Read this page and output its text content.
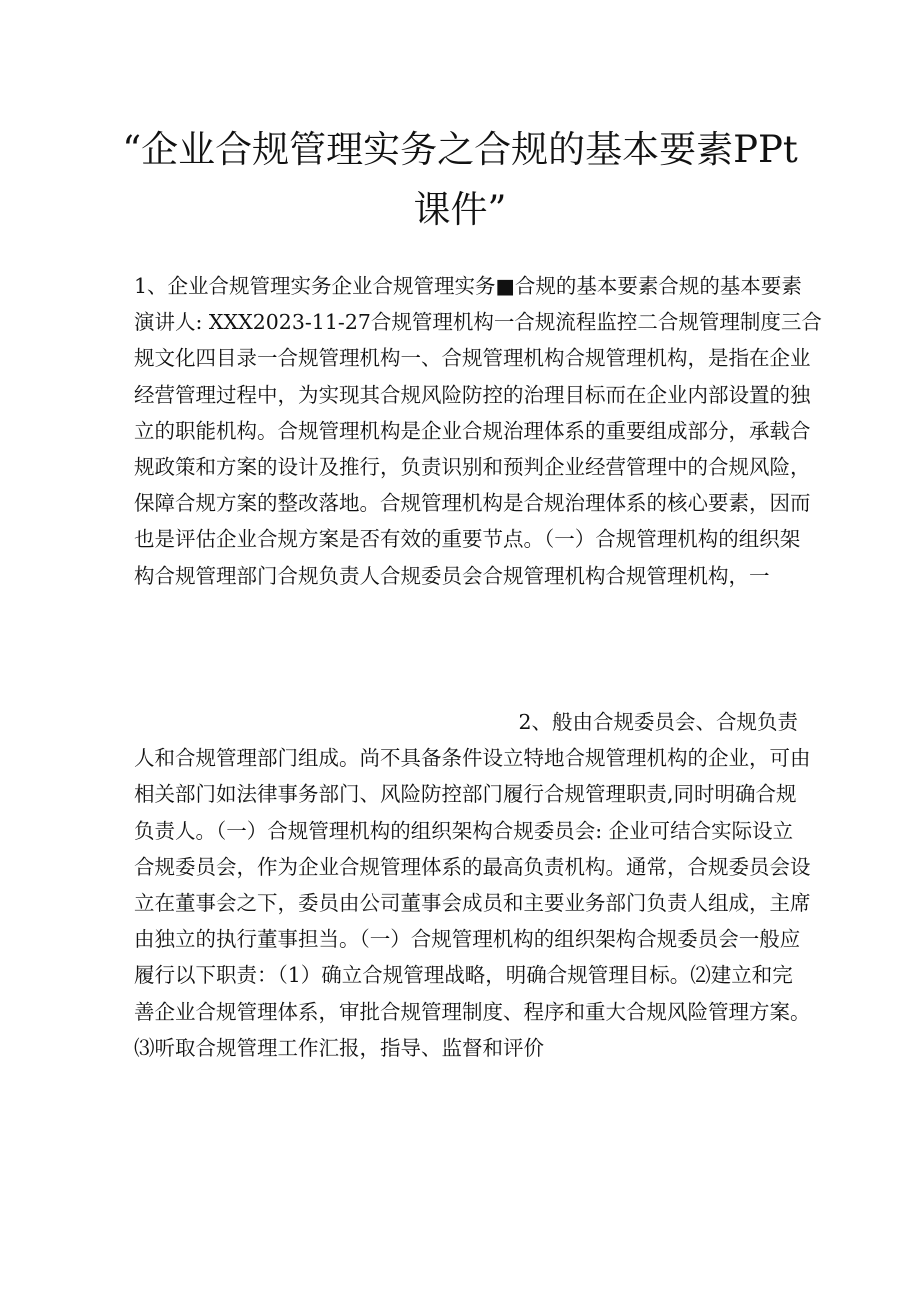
“企业合规管理实务之合规的基本要素PPt
课件”
1、企业合规管理实务企业合规管理实务■合规的基本要素合规的基本要素
演讲人: XXX2023-11-27合规管理机构一合规流程监控二合规管理制度三合
规文化四目录一合规管理机构一、合规管理机构合规管理机构，是指在企业
经营管理过程中，为实现其合规风险防控的治理目标而在企业内部设置的独
立的职能机构。合规管理机构是企业合规治理体系的重要组成部分，承载合
规政策和方案的设计及推行，负责识别和预判企业经营管理中的合规风险，
保障合规方案的整改落地。合规管理机构是合规治理体系的核心要素，因而
也是评估企业合规方案是否有效的重要节点。（一）合规管理机构的组织架
构合规管理部门合规负责人合规委员会合规管理机构合规管理机构，一
2、般由合规委员会、合规负责
人和合规管理部门组成。尚不具备条件设立特地合规管理机构的企业，可由
相关部门如法律事务部门、风险防控部门履行合规管理职责,同时明确合规
负责人。（一）合规管理机构的组织架构合规委员会: 企业可结合实际设立
合规委员会，作为企业合规管理体系的最高负责机构。通常，合规委员会设
立在董事会之下，委员由公司董事会成员和主要业务部门负责人组成，主席
由独立的执行董事担当。（一）合规管理机构的组织架构合规委员会一般应
履行以下职责：（1）确立合规管理战略，明确合规管理目标。⑵建立和完
善企业合规管理体系，审批合规管理制度、程序和重大合规风险管理方案。
⑶听取合规管理工作汇报，指导、监督和评价
